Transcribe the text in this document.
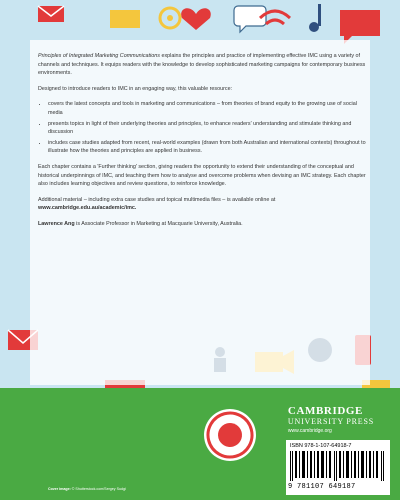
Principles of Integrated Marketing Communications explains the principles and practice of implementing effective IMC using a variety of channels and techniques. It equips readers with the knowledge to develop sophisticated marketing campaigns for contemporary business environments.

Designed to introduce readers to IMC in an engaging way, this valuable resource:

• covers the latest concepts and tools in marketing and communications – from theories of brand equity to the growing use of social media
• presents topics in light of their underlying theories and principles, to enhance readers' understanding and stimulate thinking and discussion
• includes case studies adapted from recent, real-world examples (drawn from both Australian and international contexts) throughout to illustrate how the theories and principles are applied in business.

Each chapter contains a 'Further thinking' section, giving readers the opportunity to extend their understanding of the conceptual and historical underpinnings of IMC, and teaching them how to analyse and overcome problems when devising an IMC strategy. Each chapter also includes learning objectives and review questions, to reinforce knowledge.

Additional material – including extra case studies and topical multimedia files – is available online at
www.cambridge.edu.au/academic/imc.

Lawrence Ang is Associate Professor in Marketing at Macquarie University, Australia.

CAMBRIDGE
UNIVERSITY PRESS
www.cambridge.org
ISBN 978-1-107-64918-7
9 781107 649187
Cover image: © Shutterstock.com/Sergey Sudgi
